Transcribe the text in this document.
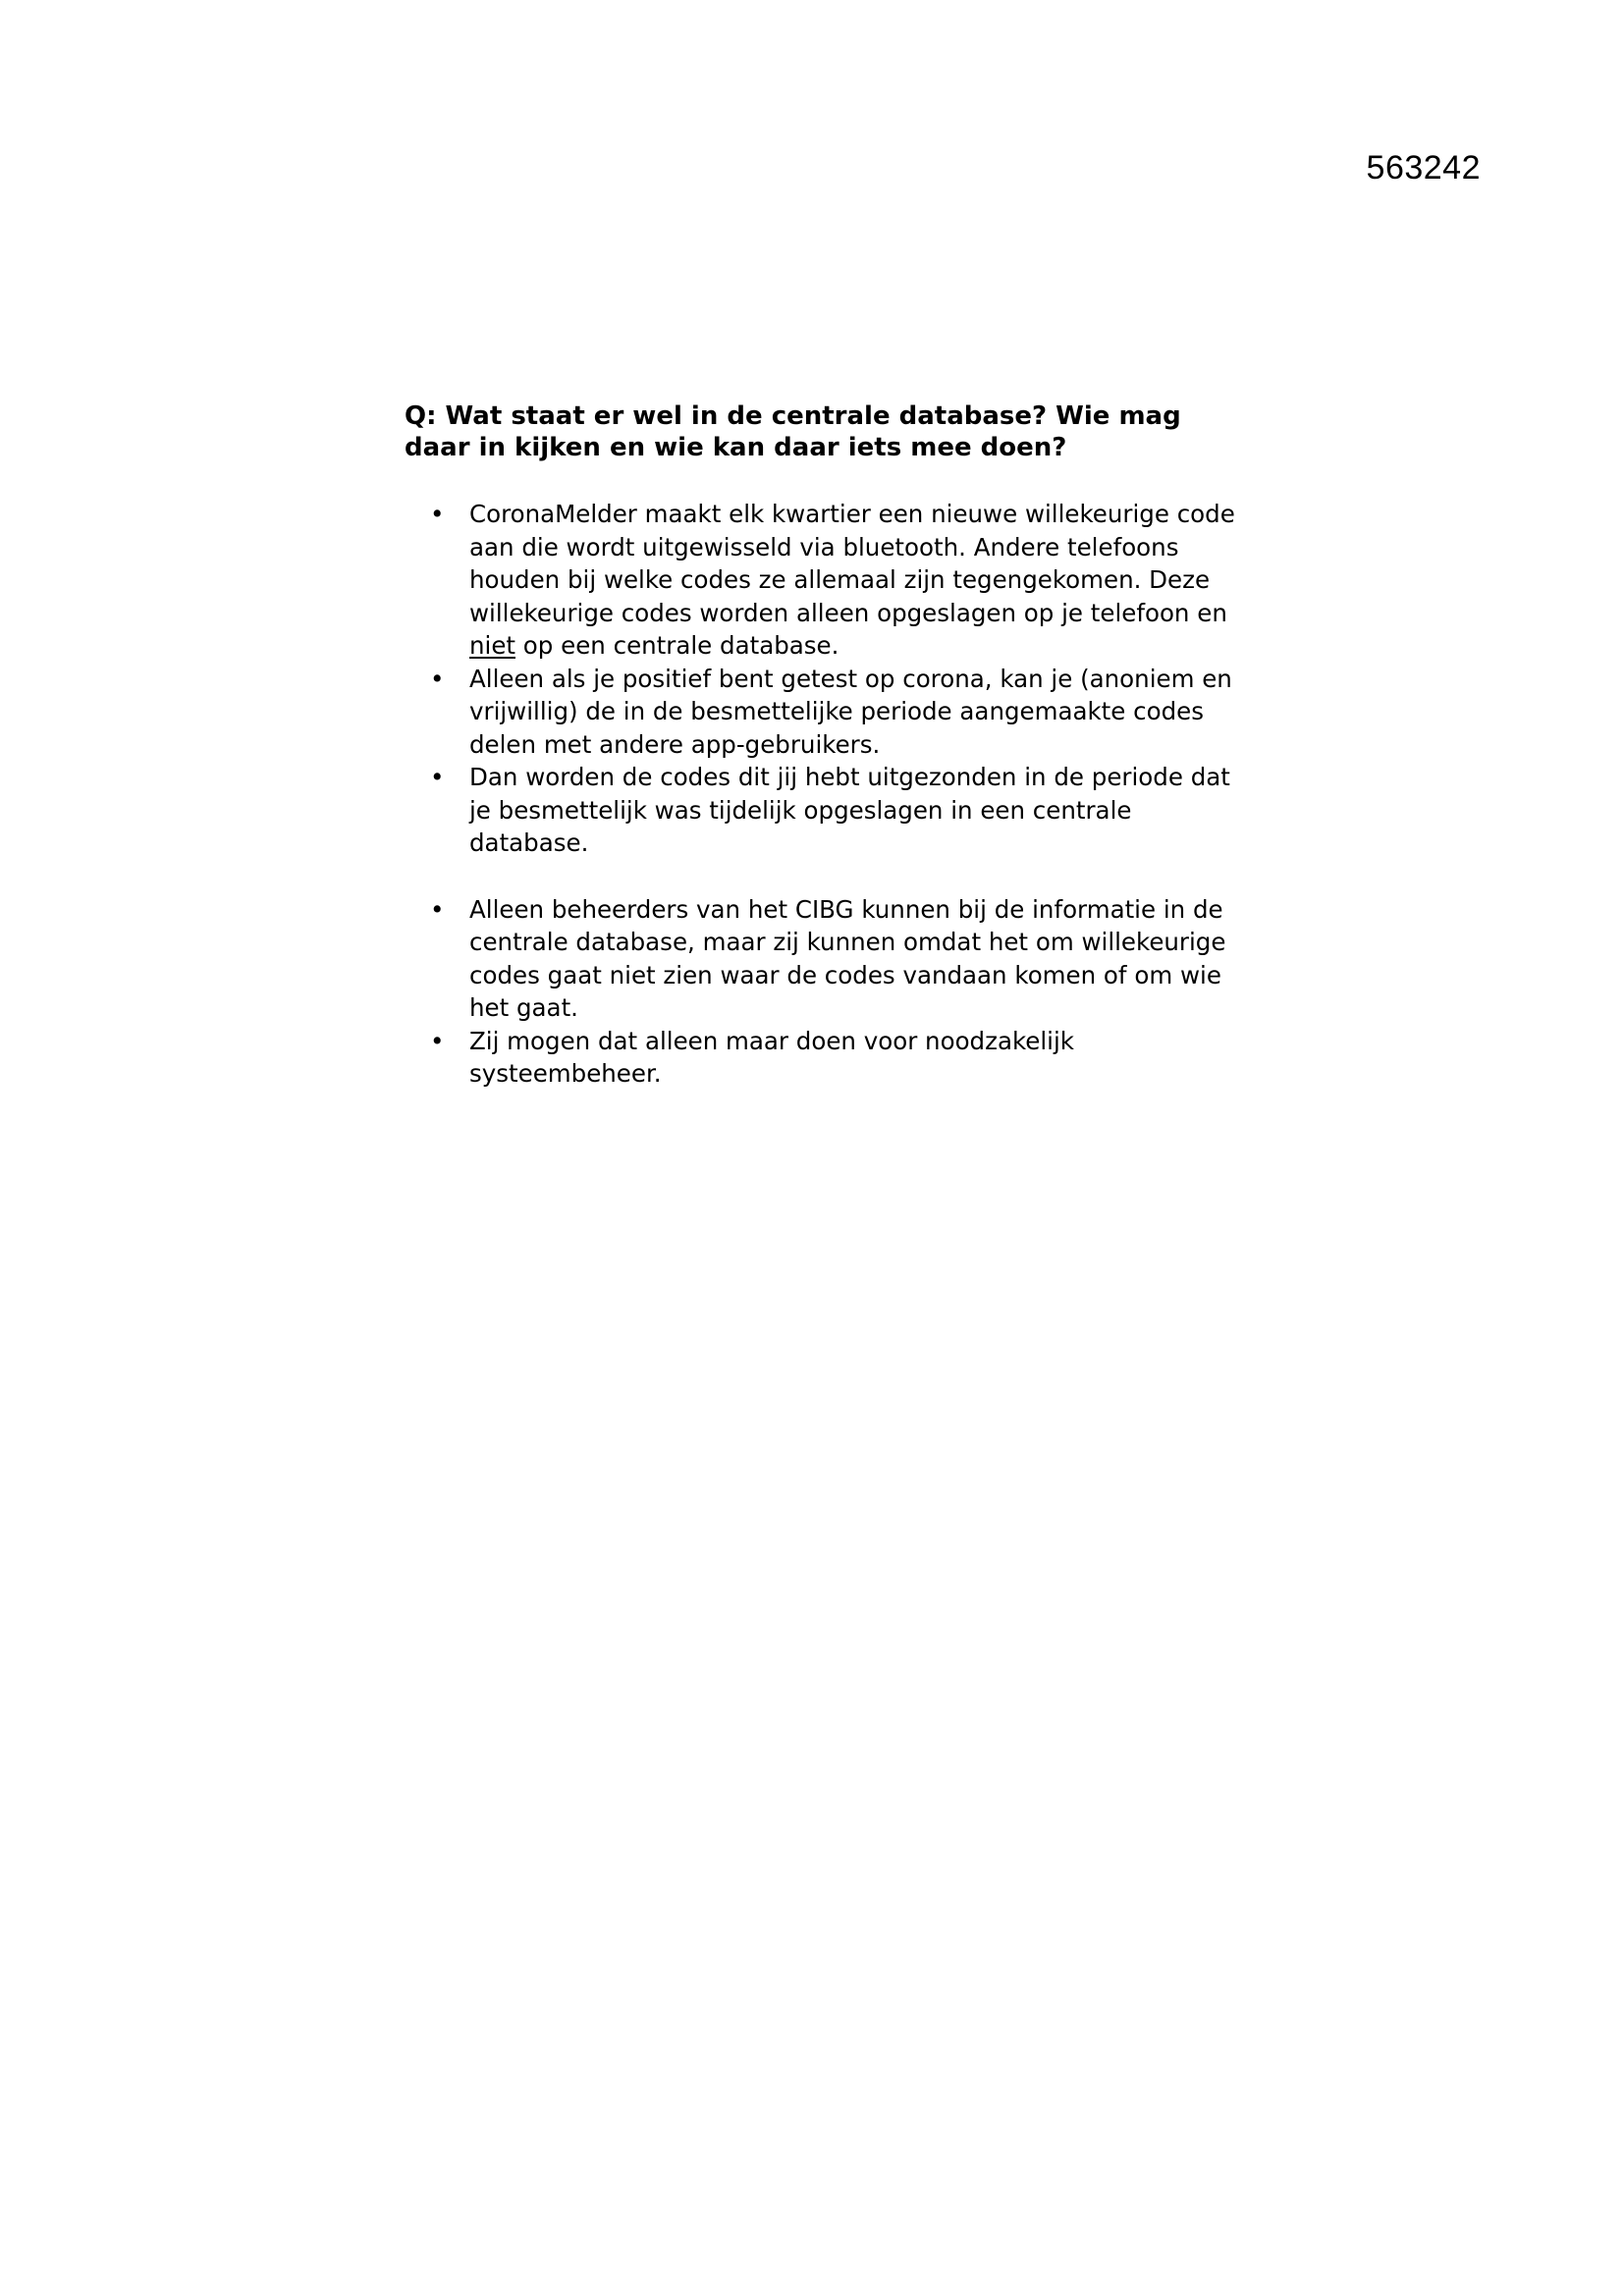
563242

Q: Wat staat er wel in de centrale database? Wie mag daar in kijken en wie kan daar iets mee doen?

• CoronaMelder maakt elk kwartier een nieuwe willekeurige code aan die wordt uitgewisseld via bluetooth. Andere telefoons houden bij welke codes ze allemaal zijn tegengekomen. Deze willekeurige codes worden alleen opgeslagen op je telefoon en niet op een centrale database.
• Alleen als je positief bent getest op corona, kan je (anoniem en vrijwillig) de in de besmettelijke periode aangemaakte codes delen met andere app-gebruikers.
• Dan worden de codes dit jij hebt uitgezonden in de periode dat je besmettelijk was tijdelijk opgeslagen in een centrale database.
• Alleen beheerders van het CIBG kunnen bij de informatie in de centrale database, maar zij kunnen omdat het om willekeurige codes gaat niet zien waar de codes vandaan komen of om wie het gaat.
• Zij mogen dat alleen maar doen voor noodzakelijk systeembeheer.
